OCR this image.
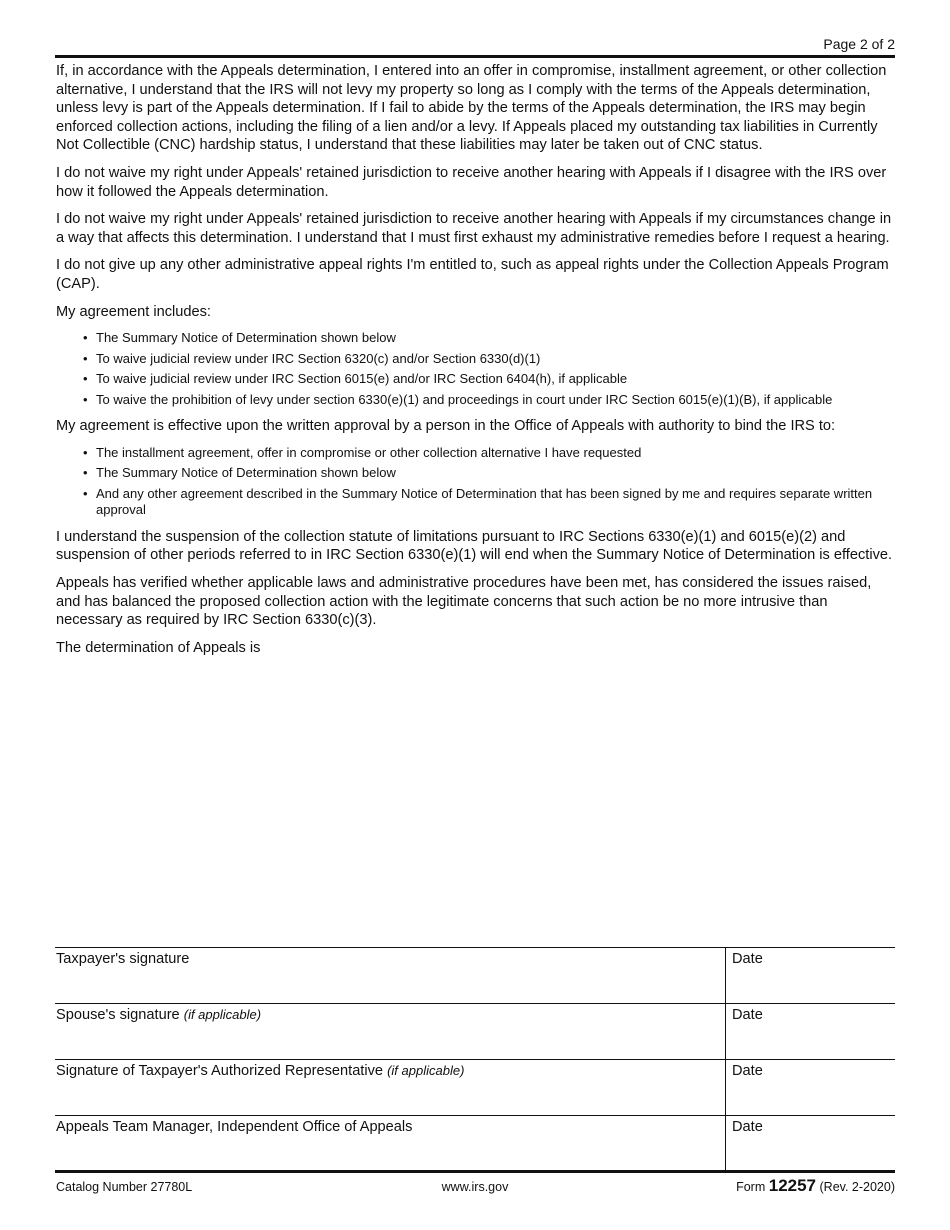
Page 2 of 2

If, in accordance with the Appeals determination, I entered into an offer in compromise, installment agreement, or other collection alternative, I understand that the IRS will not levy my property so long as I comply with the terms of the Appeals determination, unless levy is part of the Appeals determination. If I fail to abide by the terms of the Appeals determination, the IRS may begin enforced collection actions, including the filing of a lien and/or a levy. If Appeals placed my outstanding tax liabilities in Currently Not Collectible (CNC) hardship status, I understand that these liabilities may later be taken out of CNC status.

I do not waive my right under Appeals' retained jurisdiction to receive another hearing with Appeals if I disagree with the IRS over how it followed the Appeals determination.

I do not waive my right under Appeals' retained jurisdiction to receive another hearing with Appeals if my circumstances change in a way that affects this determination. I understand that I must first exhaust my administrative remedies before I request a hearing.

I do not give up any other administrative appeal rights I'm entitled to, such as appeal rights under the Collection Appeals Program (CAP).

My agreement includes:

• The Summary Notice of Determination shown below
• To waive judicial review under IRC Section 6320(c) and/or Section 6330(d)(1)
• To waive judicial review under IRC Section 6015(e) and/or IRC Section 6404(h), if applicable
• To waive the prohibition of levy under section 6330(e)(1) and proceedings in court under IRC Section 6015(e)(1)(B), if applicable

My agreement is effective upon the written approval by a person in the Office of Appeals with authority to bind the IRS to:

• The installment agreement, offer in compromise or other collection alternative I have requested
• The Summary Notice of Determination shown below
• And any other agreement described in the Summary Notice of Determination that has been signed by me and requires separate written approval

I understand the suspension of the collection statute of limitations pursuant to IRC Sections 6330(e)(1) and 6015(e)(2) and suspension of other periods referred to in IRC Section 6330(e)(1) will end when the Summary Notice of Determination is effective.

Appeals has verified whether applicable laws and administrative procedures have been met, has considered the issues raised, and has balanced the proposed collection action with the legitimate concerns that such action be no more intrusive than necessary as required by IRC Section 6330(c)(3).

The determination of Appeals is

Taxpayer's signature	Date
Spouse's signature (if applicable)	Date
Signature of Taxpayer's Authorized Representative (if applicable)	Date
Appeals Team Manager, Independent Office of Appeals	Date
Catalog Number 27780L	www.irs.gov	Form 12257 (Rev. 2-2020)
